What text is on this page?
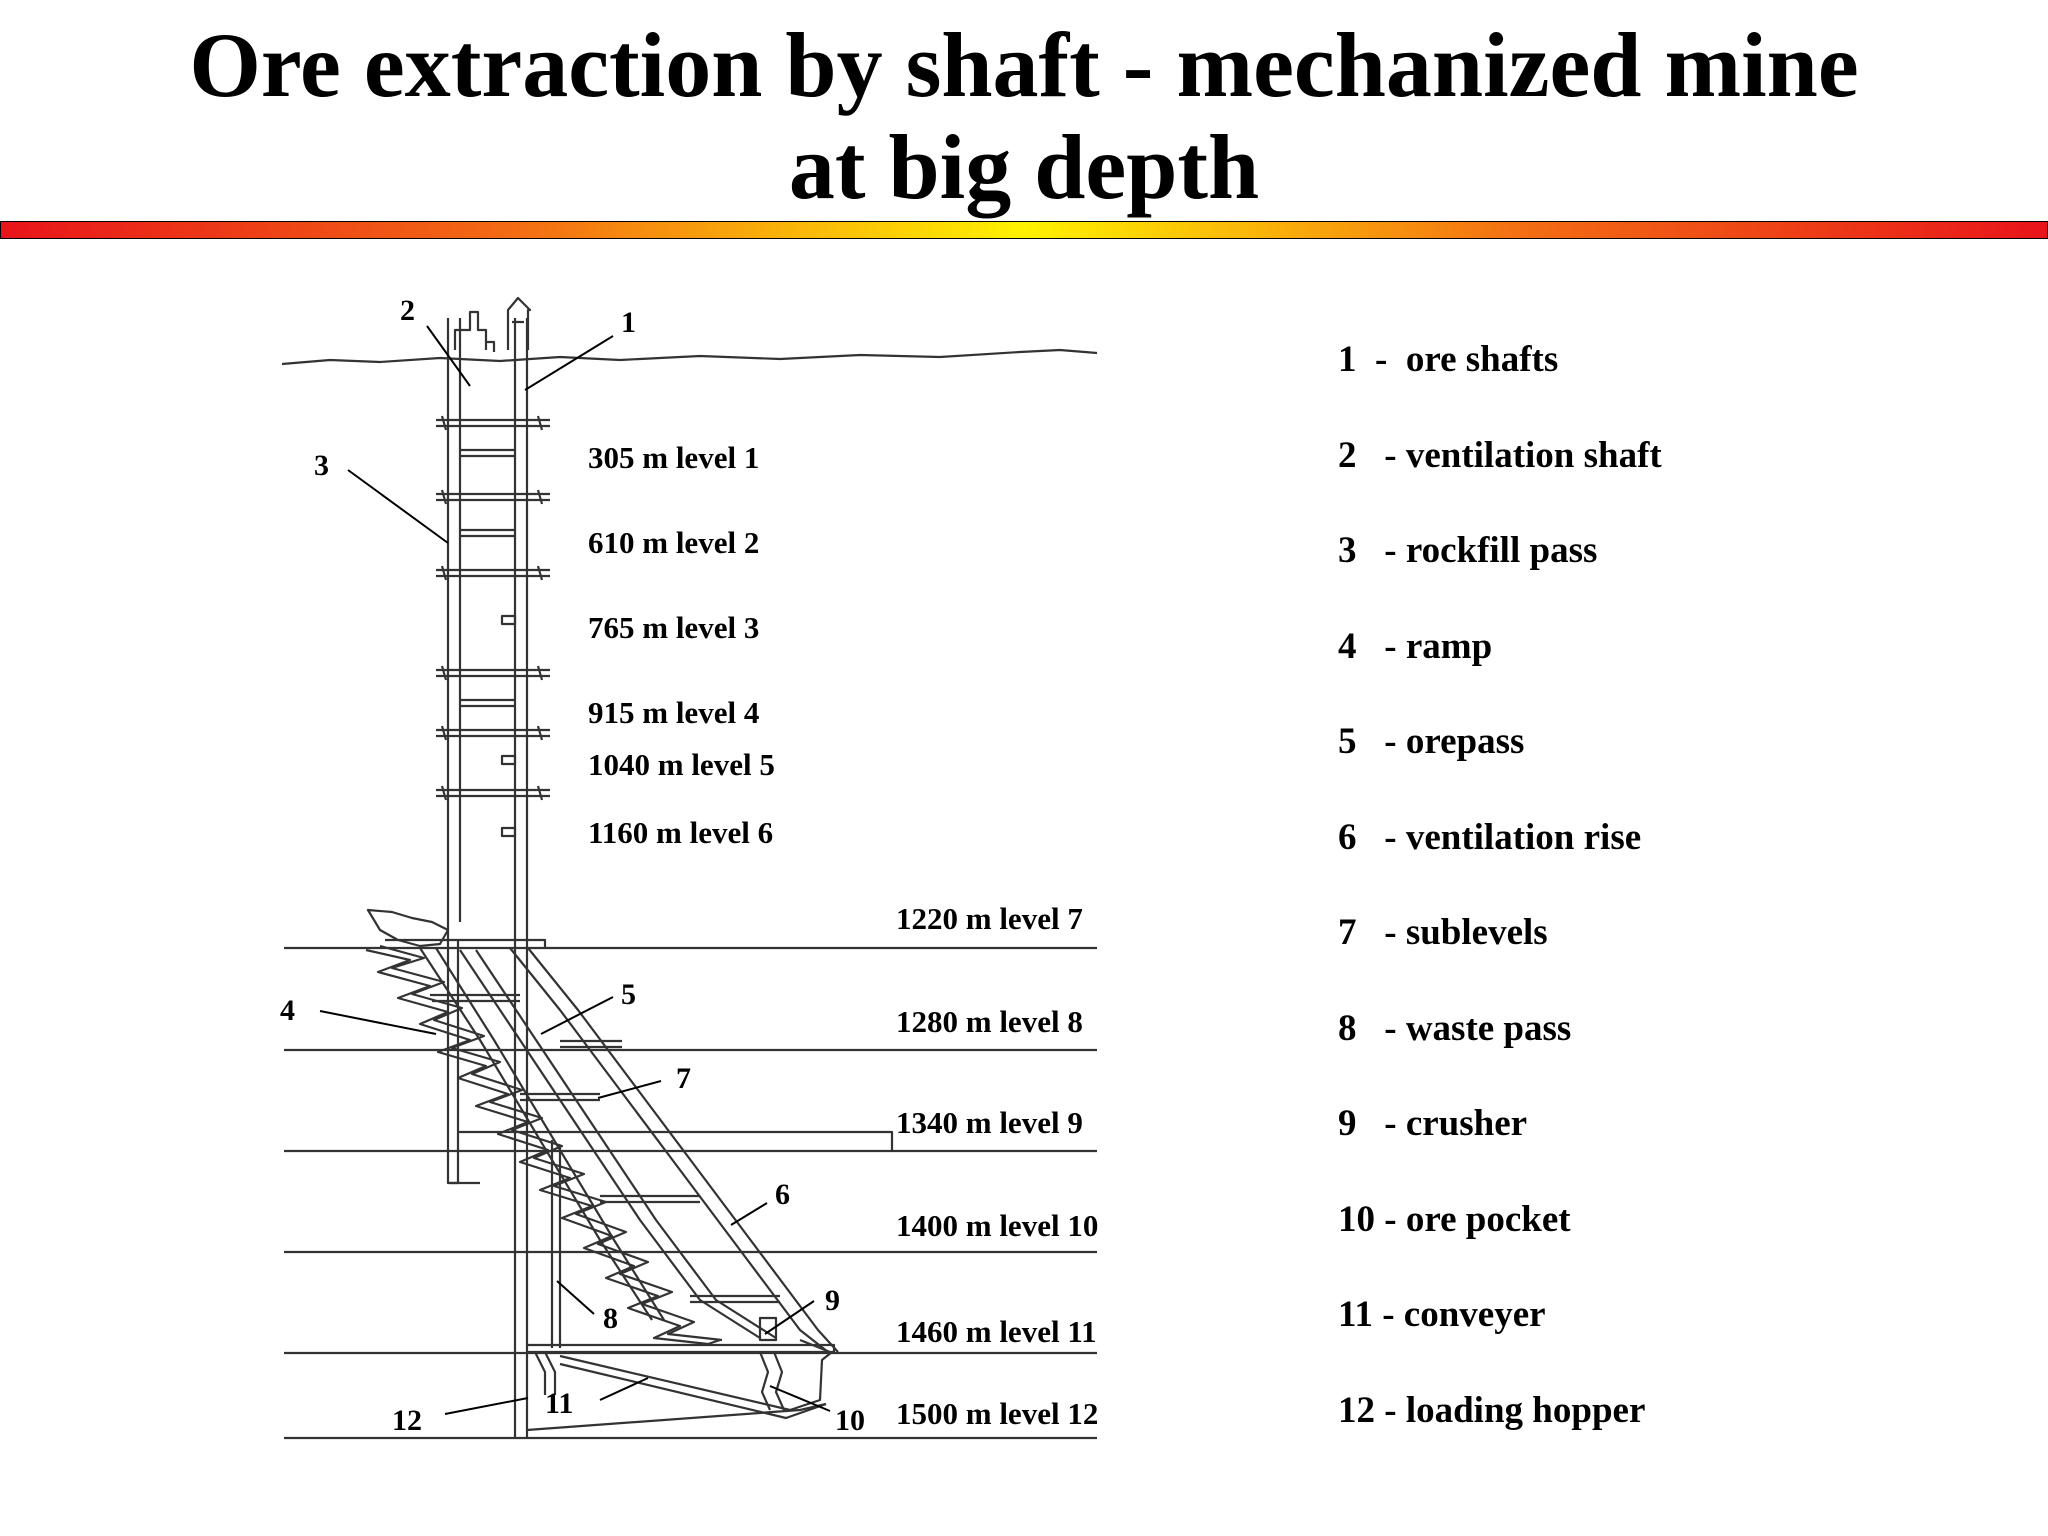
Ore extraction by shaft - mechanized mine
at big depth
305 m level 1
610 m level 2
765 m level 3
915 m level 4
1040 m level 5
1160 m level 6
1220 m level 7
1280 m level 8
1340 m level 9
1400 m level 10
1460 m level 11
1500 m level 12
1
2
3
4	5
6
7
8
9
10
11
12
1  -  ore shafts
2   - ventilation shaft
3   - rockfill pass
4   - ramp
5   - orepass
6   - ventilation rise
7   - sublevels
8   - waste pass
9   - crusher
10 - ore pocket
11 - conveyer
12 - loading hopper
